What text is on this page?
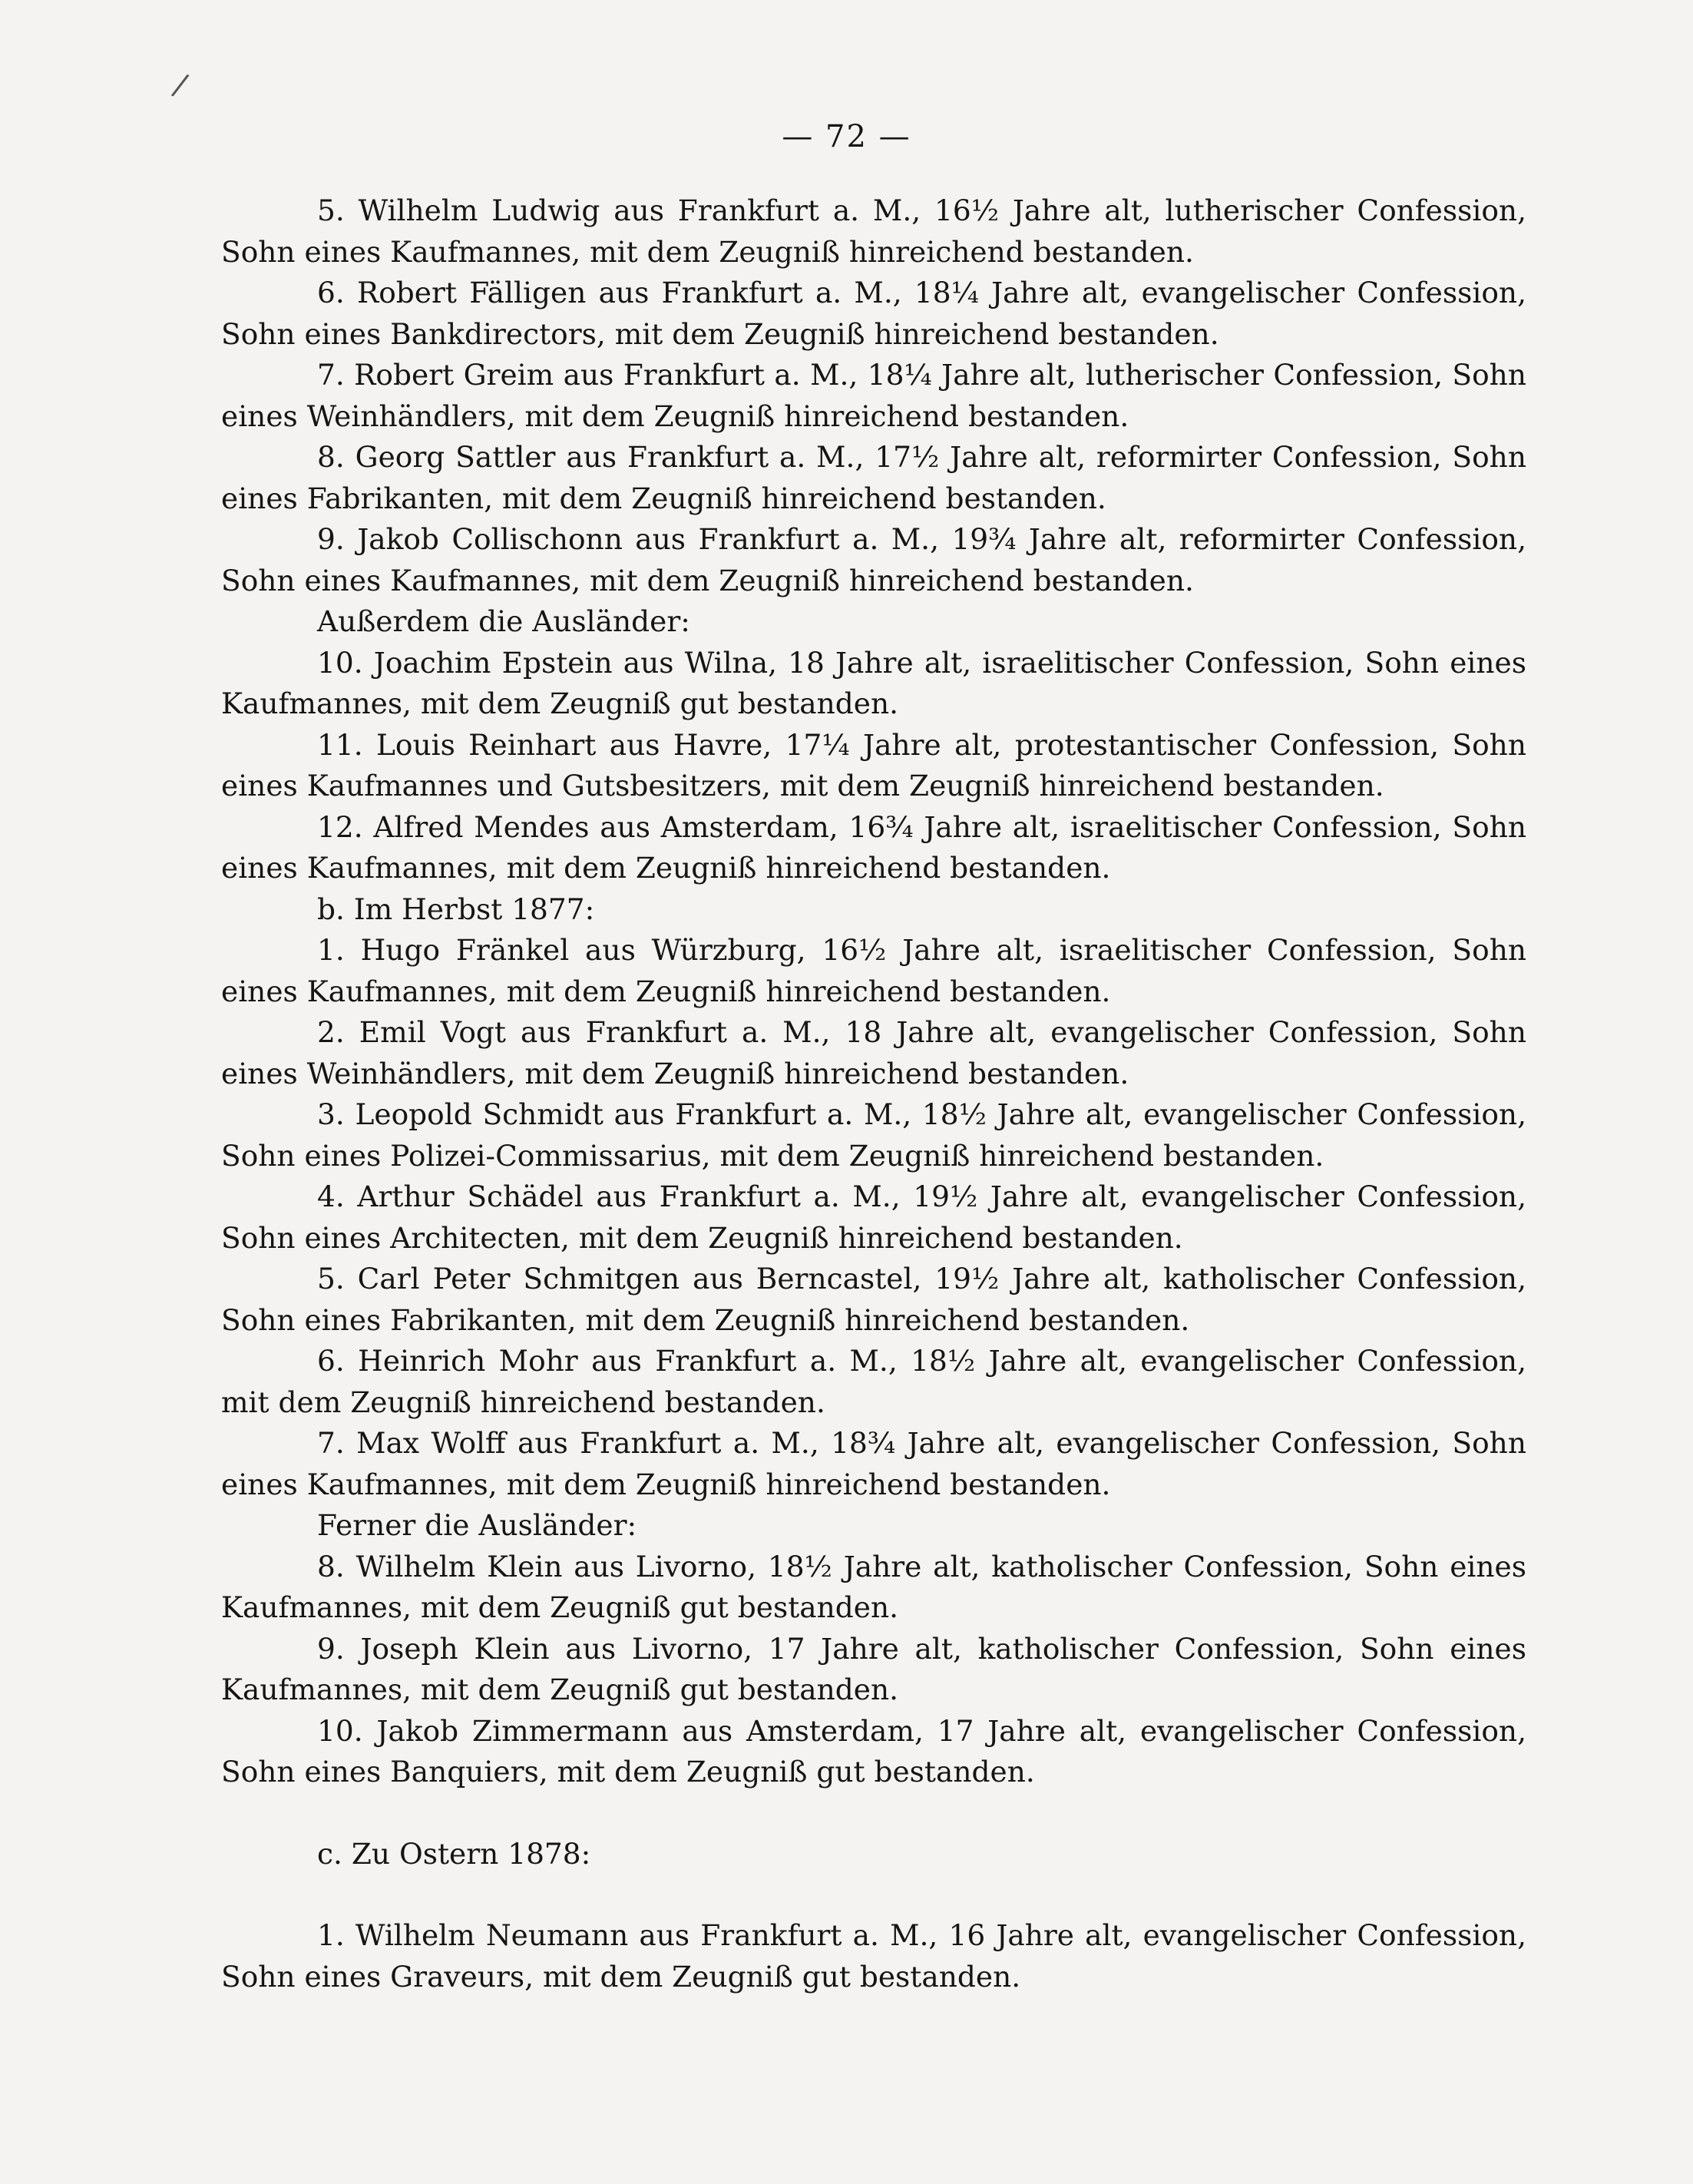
/
— 72 —

5. Wilhelm Ludwig aus Frankfurt a. M., 16½ Jahre alt, lutherischer Confession, Sohn eines Kaufmannes, mit dem Zeugniß hinreichend bestanden.

6. Robert Fälligen aus Frankfurt a. M., 18¼ Jahre alt, evangelischer Confession, Sohn eines Bankdirectors, mit dem Zeugniß hinreichend bestanden.

7. Robert Greim aus Frankfurt a. M., 18¼ Jahre alt, lutherischer Confession, Sohn eines Weinhändlers, mit dem Zeugniß hinreichend bestanden.

8. Georg Sattler aus Frankfurt a. M., 17½ Jahre alt, reformirter Confession, Sohn eines Fabrikanten, mit dem Zeugniß hinreichend bestanden.

9. Jakob Collischonn aus Frankfurt a. M., 19¾ Jahre alt, reformirter Confession, Sohn eines Kaufmannes, mit dem Zeugniß hinreichend bestanden.

Außerdem die Ausländer:

10. Joachim Epstein aus Wilna, 18 Jahre alt, israelitischer Confession, Sohn eines Kaufmannes, mit dem Zeugniß gut bestanden.

11. Louis Reinhart aus Havre, 17¼ Jahre alt, protestantischer Confession, Sohn eines Kaufmannes und Gutsbesitzers, mit dem Zeugniß hinreichend bestanden.

12. Alfred Mendes aus Amsterdam, 16¾ Jahre alt, israelitischer Confession, Sohn eines Kaufmannes, mit dem Zeugniß hinreichend bestanden.

b. Im Herbst 1877:

1. Hugo Fränkel aus Würzburg, 16½ Jahre alt, israelitischer Confession, Sohn eines Kaufmannes, mit dem Zeugniß hinreichend bestanden.

2. Emil Vogt aus Frankfurt a. M., 18 Jahre alt, evangelischer Confession, Sohn eines Weinhändlers, mit dem Zeugniß hinreichend bestanden.

3. Leopold Schmidt aus Frankfurt a. M., 18½ Jahre alt, evangelischer Confession, Sohn eines Polizei-Commissarius, mit dem Zeugniß hinreichend bestanden.

4. Arthur Schädel aus Frankfurt a. M., 19½ Jahre alt, evangelischer Confession, Sohn eines Architecten, mit dem Zeugniß hinreichend bestanden.

5. Carl Peter Schmitgen aus Berncastel, 19½ Jahre alt, katholischer Confession, Sohn eines Fabrikanten, mit dem Zeugniß hinreichend bestanden.

6. Heinrich Mohr aus Frankfurt a. M., 18½ Jahre alt, evangelischer Confession, mit dem Zeugniß hinreichend bestanden.

7. Max Wolff aus Frankfurt a. M., 18¾ Jahre alt, evangelischer Confession, Sohn eines Kaufmannes, mit dem Zeugniß hinreichend bestanden.

Ferner die Ausländer:

8. Wilhelm Klein aus Livorno, 18½ Jahre alt, katholischer Confession, Sohn eines Kaufmannes, mit dem Zeugniß gut bestanden.

9. Joseph Klein aus Livorno, 17 Jahre alt, katholischer Confession, Sohn eines Kaufmannes, mit dem Zeugniß gut bestanden.

10. Jakob Zimmermann aus Amsterdam, 17 Jahre alt, evangelischer Confession, Sohn eines Banquiers, mit dem Zeugniß gut bestanden.

c. Zu Ostern 1878:

1. Wilhelm Neumann aus Frankfurt a. M., 16 Jahre alt, evangelischer Confession, Sohn eines Graveurs, mit dem Zeugniß gut bestanden.
